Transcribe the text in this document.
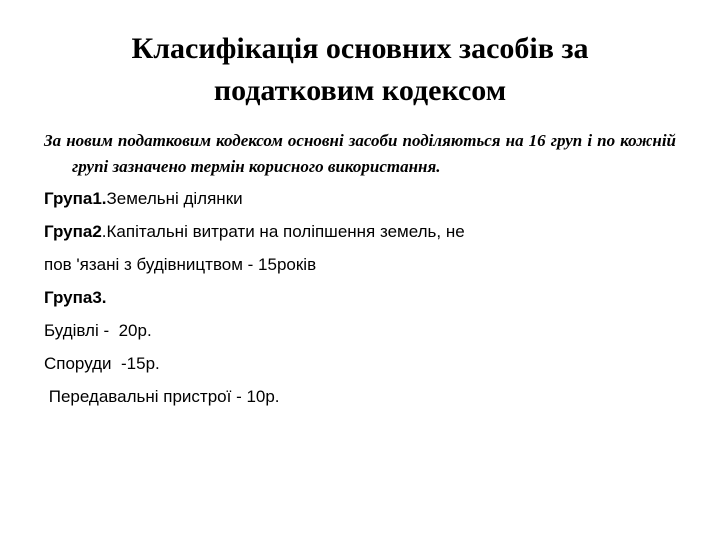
Класифікація основних засобів за
податковим кодексом

За новим податковим кодексом основні засоби поділяються на 16 груп і по кожній групі зазначено термін корисного використання.

Група1.Земельні ділянки
Група2.Капітальні витрати на поліпшення земель, не
пов 'язані з будівництвом - 15років
Група3.
Будівлі -  20р.
Споруди  -15р.
Передавальні пристрої - 10р.
